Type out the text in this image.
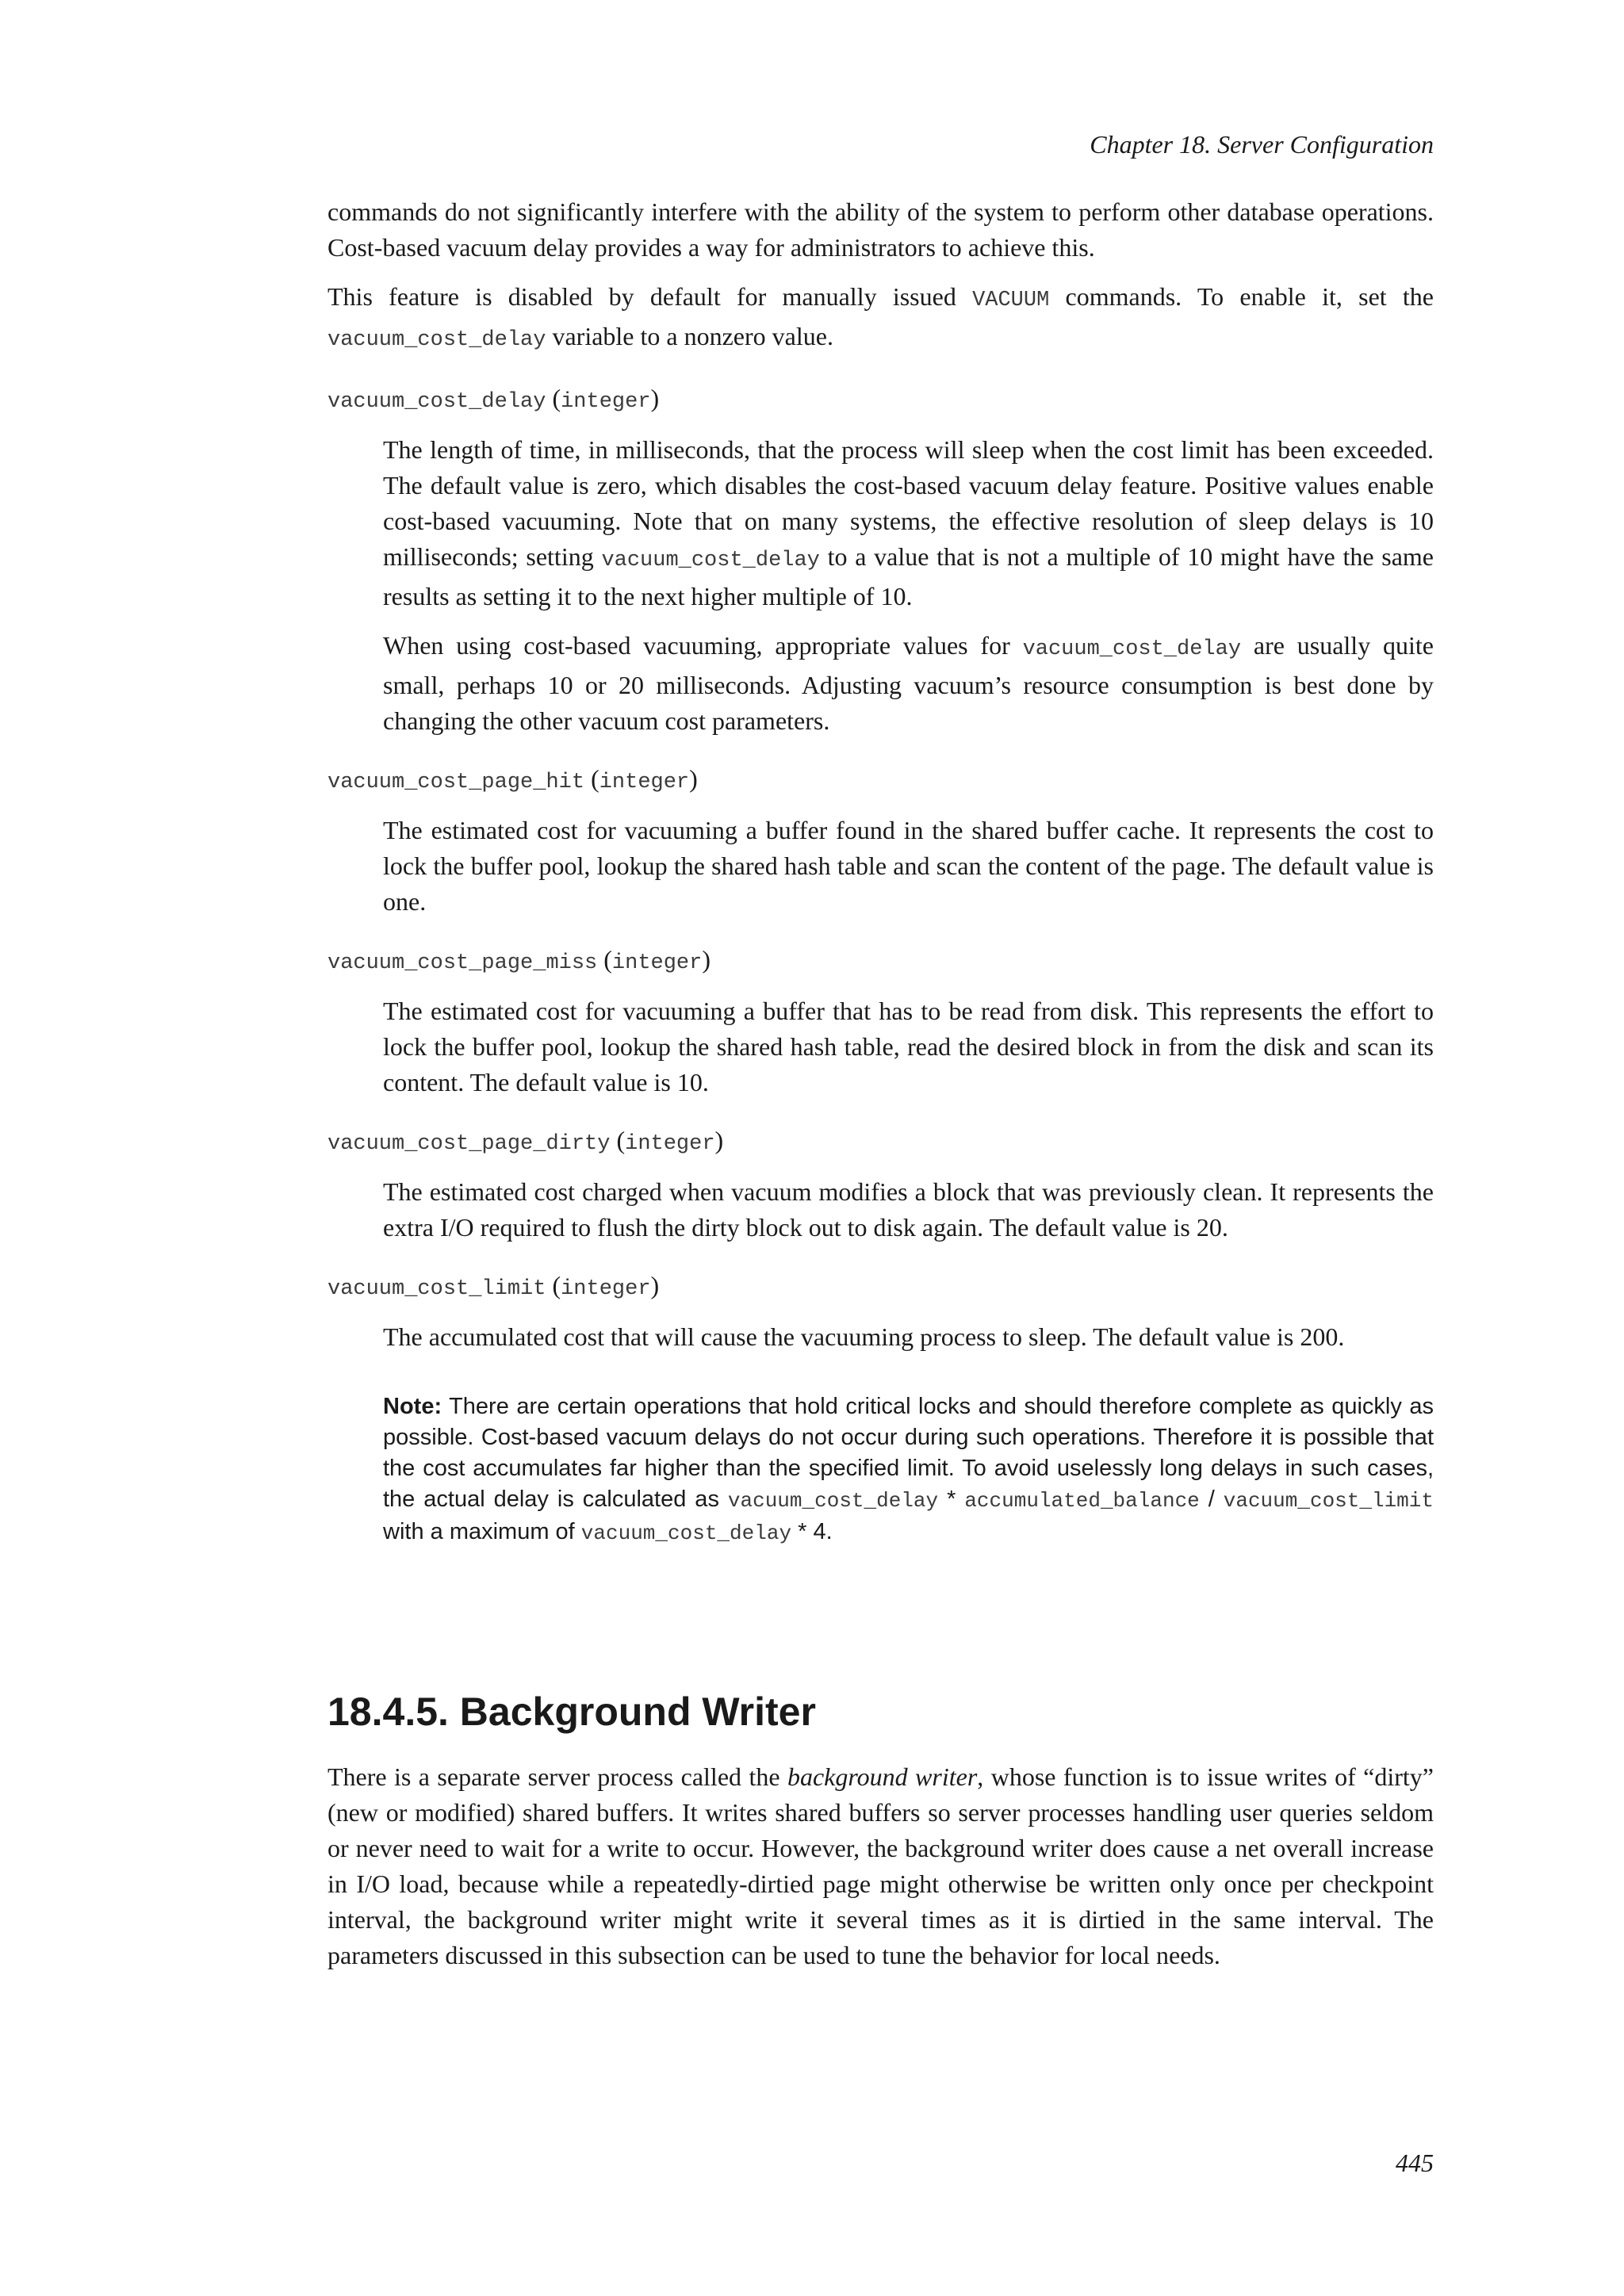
Chapter 18. Server Configuration

commands do not significantly interfere with the ability of the system to perform other database operations. Cost-based vacuum delay provides a way for administrators to achieve this.

This feature is disabled by default for manually issued VACUUM commands. To enable it, set the vacuum_cost_delay variable to a nonzero value.

vacuum_cost_delay (integer)

The length of time, in milliseconds, that the process will sleep when the cost limit has been exceeded. The default value is zero, which disables the cost-based vacuum delay feature. Positive values enable cost-based vacuuming. Note that on many systems, the effective resolution of sleep delays is 10 milliseconds; setting vacuum_cost_delay to a value that is not a multiple of 10 might have the same results as setting it to the next higher multiple of 10.

When using cost-based vacuuming, appropriate values for vacuum_cost_delay are usually quite small, perhaps 10 or 20 milliseconds. Adjusting vacuum’s resource consumption is best done by changing the other vacuum cost parameters.

vacuum_cost_page_hit (integer)

The estimated cost for vacuuming a buffer found in the shared buffer cache. It represents the cost to lock the buffer pool, lookup the shared hash table and scan the content of the page. The default value is one.

vacuum_cost_page_miss (integer)

The estimated cost for vacuuming a buffer that has to be read from disk. This represents the effort to lock the buffer pool, lookup the shared hash table, read the desired block in from the disk and scan its content. The default value is 10.

vacuum_cost_page_dirty (integer)

The estimated cost charged when vacuum modifies a block that was previously clean. It represents the extra I/O required to flush the dirty block out to disk again. The default value is 20.

vacuum_cost_limit (integer)

The accumulated cost that will cause the vacuuming process to sleep. The default value is 200.

Note: There are certain operations that hold critical locks and should therefore complete as quickly as possible. Cost-based vacuum delays do not occur during such operations. Therefore it is possible that the cost accumulates far higher than the specified limit. To avoid uselessly long delays in such cases, the actual delay is calculated as vacuum_cost_delay * accumulated_balance / vacuum_cost_limit with a maximum of vacuum_cost_delay * 4.
18.4.5. Background Writer

There is a separate server process called the background writer, whose function is to issue writes of “dirty” (new or modified) shared buffers. It writes shared buffers so server processes handling user queries seldom or never need to wait for a write to occur. However, the background writer does cause a net overall increase in I/O load, because while a repeatedly-dirtied page might otherwise be written only once per checkpoint interval, the background writer might write it several times as it is dirtied in the same interval. The parameters discussed in this subsection can be used to tune the behavior for local needs.

445
